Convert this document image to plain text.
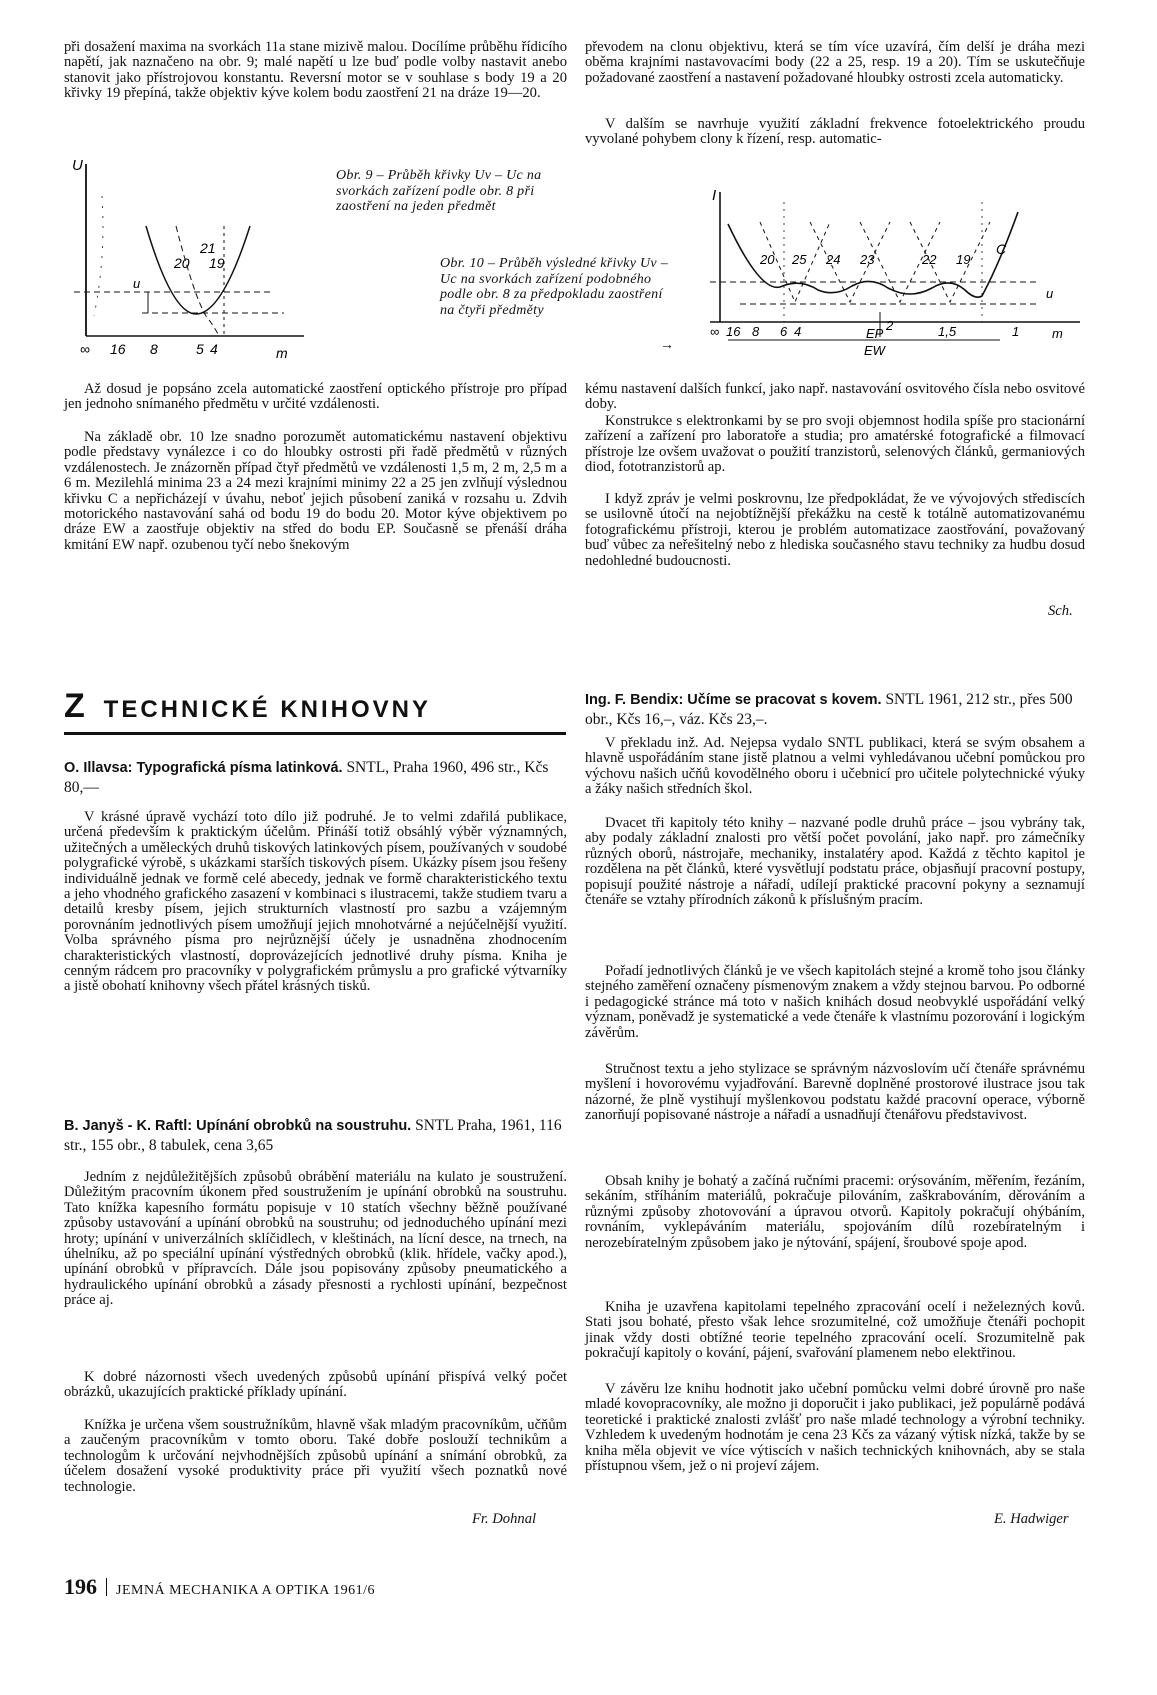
při dosažení maxima na svorkách 11a stane mizivě malou. Docílíme průběhu řídicího napětí, jak naznačeno na obr. 9; malé napětí u lze buď podle volby nastavit anebo stanovit jako přístrojovou konstantu. Reversní motor se v souhlase s body 19 a 20 křivky 19 přepíná, takže objektiv kýve kolem bodu zaostření 21 na dráze 19—20.

převodem na clonu objektivu, která se tím více uzavírá, čím delší je dráha mezi oběma krajními nastavovacími body (22 a 25, resp. 19 a 20). Tím se uskutečňuje požadované zaostření a nastavení požadované hloubky ostrosti zcela automaticky.

V dalším se navrhuje využití základní frekvence fotoelektrického proudu vyvolané pohybem clony k řízení, resp. automatic-

U
20 19
21
u
∞ 16 8	5 4	m

Obr. 9 – Průběh křivky Uv – Uc na svorkách zařízení podle obr. 8 při zaostření na jeden předmět

Obr. 10 – Průběh výsledné křivky Uv – Uc na svorkách zařízení podobného podle obr. 8 za předpokladu zaostření na čtyři předměty

→
I
20 25 24 23	22 19
C
u
∞ 16 8 6 4	2	1,5	1	m
EP
EW

Až dosud je popsáno zcela automatické zaostření optického přístroje pro případ jen jednoho snímaného předmětu v určité vzdálenosti.

Na základě obr. 10 lze snadno porozumět automatickému nastavení objektivu podle představy vynálezce i co do hloubky ostrosti při řadě předmětů v různých vzdálenostech. Je znázorněn případ čtyř předmětů ve vzdálenosti 1,5 m, 2 m, 2,5 m a 6 m. Mezilehlá minima 23 a 24 mezi krajními minimy 22 a 25 jen zvlňují výslednou křivku C a nepřicházejí v úvahu, neboť jejich působení zaniká v rozsahu u. Zdvih motorického nastavování sahá od bodu 19 do bodu 20. Motor kýve objektivem po dráze EW a zaostřuje objektiv na střed do bodu EP. Současně se přenáší dráha kmitání EW např. ozubenou tyčí nebo šnekovým

kému nastavení dalších funkcí, jako např. nastavování osvitového čísla nebo osvitové doby.

Konstrukce s elektronkami by se pro svoji objemnost hodila spíše pro stacionární zařízení a zařízení pro laboratoře a studia; pro amatérské fotografické a filmovací přístroje lze ovšem uvažovat o použití tranzistorů, selenových článků, germaniových diod, fototranzistorů ap.

I když zpráv je velmi poskrovnu, lze předpokládat, že ve vývojových střediscích se usilovně útočí na nejobtížnější překážku na cestě k totálně automatizovanému fotografickému přístroji, kterou je problém automatizace zaostřování, považovaný buď vůbec za neřešitelný nebo z hlediska současného stavu techniky za hudbu dosud nedohledné budoucnosti.

Sch.
Z TECHNICKÉ KNIHOVNY

O. Illavsa: Typografická písma latinková. SNTL, Praha 1960, 496 str., Kčs 80,—

V krásné úpravě vychází toto dílo již podruhé. Je to velmi zdařilá publikace, určená především k praktickým účelům. Přináší totiž obsáhlý výběr významných, užitečných a uměleckých druhů tiskových latinkových písem, používaných v soudobé polygrafické výrobě, s ukázkami starších tiskových písem. Ukázky písem jsou řešeny individuálně jednak ve formě celé abecedy, jednak ve formě charakteristického textu a jeho vhodného grafického zasazení v kombinaci s ilustracemi, takže studiem tvaru a detailů kresby písem, jejich strukturních vlastností pro sazbu a vzájemným porovnáním jednotlivých písem umožňují jejich mnohotvárné a nejúčelnější využití. Volba správného písma pro nejrůznější účely je usnadněna zhodnocením charakteristických vlastností, doprovázejících jednotlivé druhy písma. Kniha je cenným rádcem pro pracovníky v polygrafickém průmyslu a pro grafické výtvarníky a jistě obohatí knihovny všech přátel krásných tisků.

B. Janyš - K. Raftl: Upínání obrobků na soustruhu. SNTL Praha, 1961, 116 str., 155 obr., 8 tabulek, cena 3,65

Jedním z nejdůležitějších způsobů obrábění materiálu na kulato je soustružení. Důležitým pracovním úkonem před soustružením je upínání obrobků na soustruhu. Tato knížka kapesního formátu popisuje v 10 statích všechny běžně používané způsoby ustavování a upínání obrobků na soustruhu; od jednoduchého upínání mezi hroty; upínání v univerzálních sklíčidlech, v kleštinách, na lícní desce, na trnech, na úhelníku, až po speciální upínání výstředných obrobků (klik. hřídele, vačky apod.), upínání obrobků v přípravcích. Dále jsou popisovány způsoby pneumatického a hydraulického upínání obrobků a zásady přesnosti a rychlosti upínání, bezpečnost práce aj.

K dobré názornosti všech uvedených způsobů upínání přispívá velký počet obrázků, ukazujících praktické příklady upínání.

Knížka je určena všem soustružníkům, hlavně však mladým pracovníkům, učňům a zaučeným pracovníkům v tomto oboru. Také dobře poslouží technikům a technologům k určování nejvhodnějších způsobů upínání a snímání obrobků, za účelem dosažení vysoké produktivity práce při využití všech poznatků nové technologie.

Fr. Dohnal

Ing. F. Bendix: Učíme se pracovat s kovem. SNTL 1961, 212 str., přes 500 obr., Kčs 16,–, váz. Kčs 23,–.

V překladu inž. Ad. Nejepsa vydalo SNTL publikaci, která se svým obsahem a hlavně uspořádáním stane jistě platnou a velmi vyhledávanou učební pomůckou pro výchovu našich učňů kovodělného oboru i učebnicí pro učitele polytechnické výuky a žáky našich středních škol.

Dvacet tři kapitoly této knihy – nazvané podle druhů práce – jsou vybrány tak, aby podaly základní znalosti pro větší počet povolání, jako např. pro zámečníky různých oborů, nástrojaře, mechaniky, instalatéry apod. Každá z těchto kapitol je rozdělena na pět článků, které vysvětlují podstatu práce, objasňují pracovní postupy, popisují použité nástroje a nářadí, udílejí praktické pracovní pokyny a seznamují čtenáře se vztahy přírodních zákonů k příslušným pracím.

Pořadí jednotlivých článků je ve všech kapitolách stejné a kromě toho jsou články stejného zaměření označeny písmenovým znakem a vždy stejnou barvou. Po odborné i pedagogické stránce má toto v našich knihách dosud neobvyklé uspořádání velký význam, poněvadž je systematické a vede čtenáře k vlastnímu pozorování i logickým závěrům.

Stručnost textu a jeho stylizace se správným názvoslovím učí čtenáře správnému myšlení i hovorovému vyjadřování. Barevně doplněné prostorové ilustrace jsou tak názorné, že plně vystihují myšlenkovou podstatu každé pracovní operace, výborně zanorňují popisované nástroje a nářadí a usnadňují čtenářovu představivost.

Obsah knihy je bohatý a začíná ručními pracemi: orýsováním, měřením, řezáním, sekáním, stříháním materiálů, pokračuje pilováním, zaškrabováním, děrováním a různými způsoby zhotovování a úpravou otvorů. Kapitoly pokračují ohýbáním, rovnáním, vyklepáváním materiálu, spojováním dílů rozebíratelným i nerozebíratelným způsobem jako je nýtování, spájení, šroubové spoje apod.

Kniha je uzavřena kapitolami tepelného zpracování ocelí i neželezných kovů. Stati jsou bohaté, přesto však lehce srozumitelné, což umožňuje čtenáři pochopit jinak vždy dosti obtížné teorie tepelného zpracování ocelí. Srozumitelně pak pokračují kapitoly o kování, pájení, svařování plamenem nebo elektřinou.

V závěru lze knihu hodnotit jako učební pomůcku velmi dobré úrovně pro naše mladé kovopracovníky, ale možno ji doporučit i jako publikaci, jež populárně podává teoretické i praktické znalosti zvlášť pro naše mladé technology a výrobní techniky. Vzhledem k uvedeným hodnotám je cena 23 Kčs za vázaný výtisk nízká, takže by se kniha měla objevit ve více výtiscích v našich technických knihovnách, aby se stala přístupnou všem, jež o ni projeví zájem.

E. Hadwiger
196 JEMNÁ MECHANIKA A OPTIKA 1961/6
